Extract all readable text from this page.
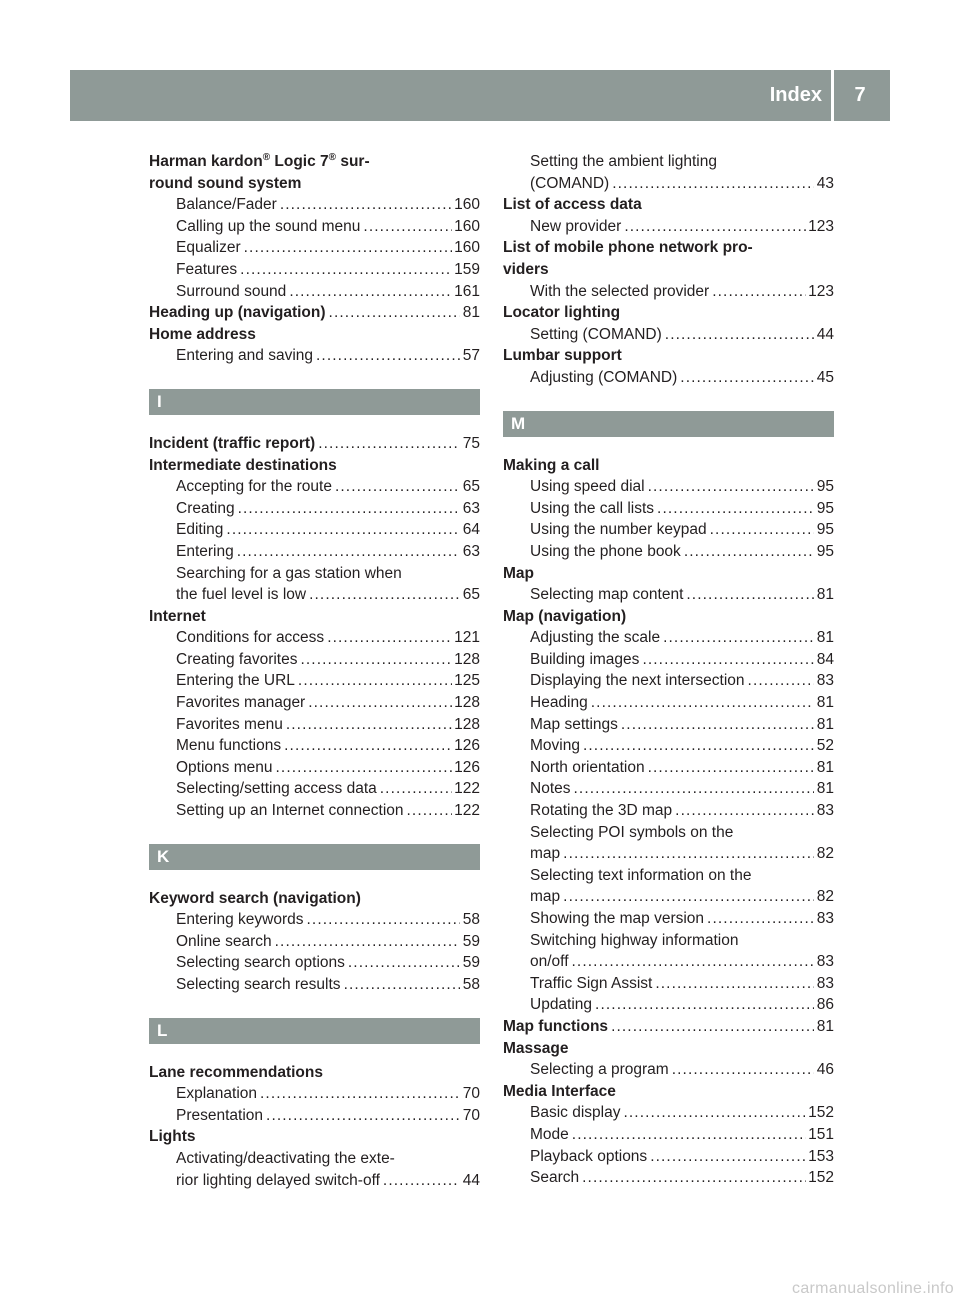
Index	7
Harman kardon® Logic 7® sur-
round sound system
Balance/Fader . . .	160
Calling up the sound menu . . .	160
Equalizer . . .	160
Features . . .	159
Surround sound . . .	161
Heading up (navigation) . . .	81
Home address
Entering and saving . . .	57
I
Incident (traffic report) . . .	75
Intermediate destinations
Accepting for the route . . .	65
Creating . . .	63
Editing . . .	64
Entering . . .	63
Searching for a gas station when
the fuel level is low . . .	65
Internet
Conditions for access . . .	121
Creating favorites . . .	128
Entering the URL . . .	125
Favorites manager . . .	128
Favorites menu . . .	128
Menu functions . . .	126
Options menu . . .	126
Selecting/setting access data . . .	122
Setting up an Internet connection . . .	122
K
Keyword search (navigation)
Entering keywords . . .	58
Online search . . .	59
Selecting search options . . .	59
Selecting search results . . .	58
L
Lane recommendations
Explanation . . .	70
Presentation . . .	70
Lights
Activating/deactivating the exte-
rior lighting delayed switch-off . . .	44
Setting the ambient lighting
(COMAND) . . .	43
List of access data
New provider . . .	123
List of mobile phone network pro-
viders
With the selected provider . . .	123
Locator lighting
Setting (COMAND) . . .	44
Lumbar support
Adjusting (COMAND) . . .	45
M
Making a call
Using speed dial . . .	95
Using the call lists . . .	95
Using the number keypad . . .	95
Using the phone book . . .	95
Map
Selecting map content . . .	81
Map (navigation)
Adjusting the scale . . .	81
Building images . . .	84
Displaying the next intersection . . .	83
Heading . . .	81
Map settings . . .	81
Moving . . .	52
North orientation . . .	81
Notes . . .	81
Rotating the 3D map . . .	83
Selecting POI symbols on the
map . . .	82
Selecting text information on the
map . . .	82
Showing the map version . . .	83
Switching highway information
on/off . . .	83
Traffic Sign Assist . . .	83
Updating . . .	86
Map functions . . .	81
Massage
Selecting a program . . .	46
Media Interface
Basic display . . .	152
Mode . . .	151
Playback options . . .	153
Search . . .	152
carmanualsonline.info
